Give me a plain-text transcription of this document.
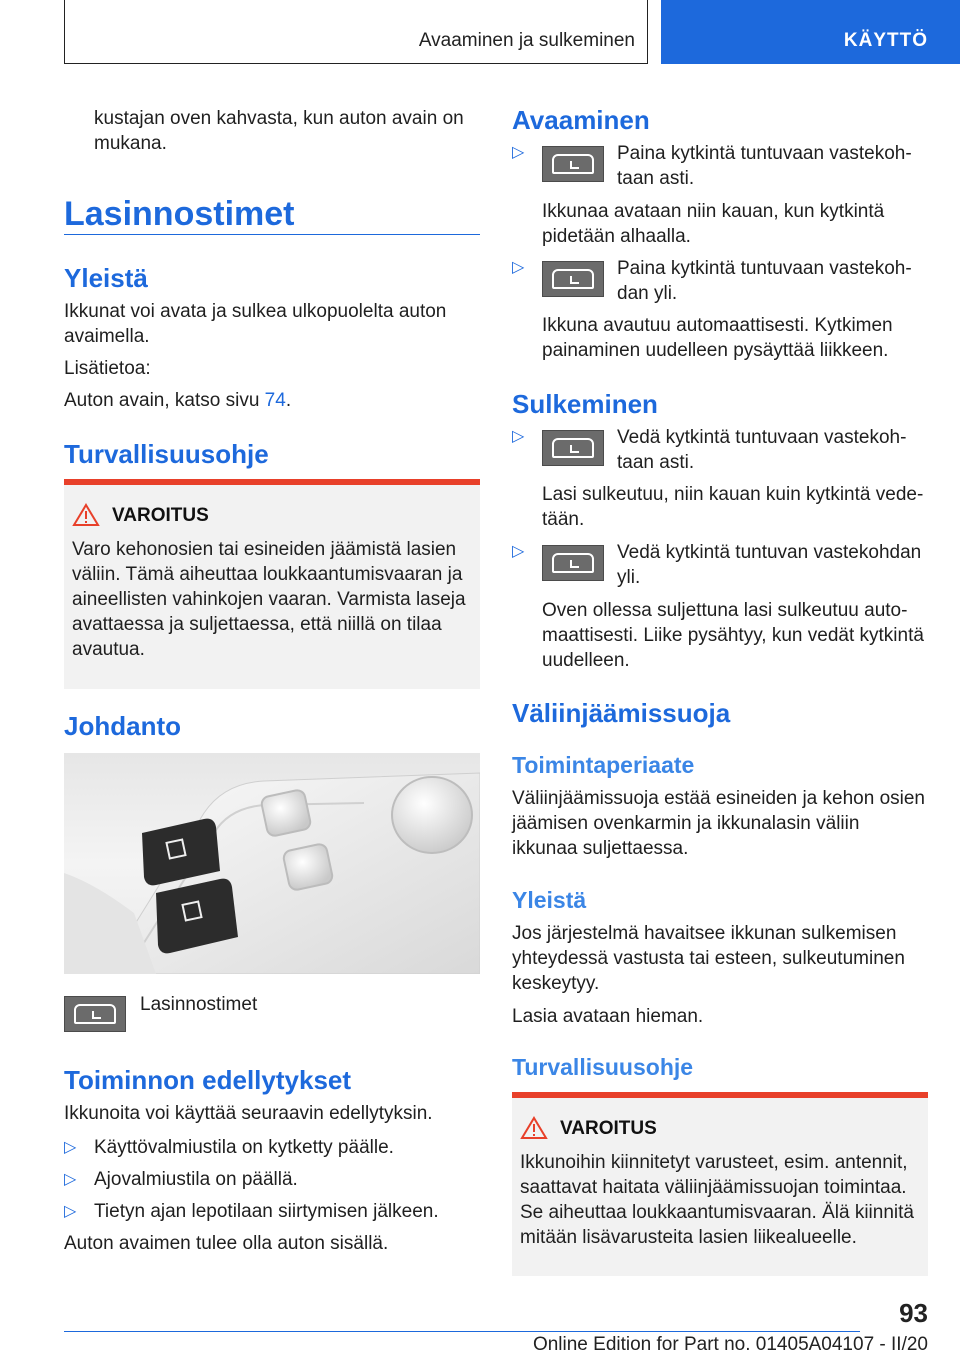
Avaaminen ja sulkeminen	KÄYTTÖ

kustajan oven kahvasta, kun auton avain on mukana.

Lasinnostimet
Yleistä

Ikkunat voi avata ja sulkea ulkopuolelta auton avaimella.

Lisätietoa:

Auton avain, katso sivu 74.

Turvallisuusohje
VAROITUS

Varo kehonosien tai esineiden jäämistä lasien väliin. Tämä aiheuttaa loukkaantumisvaaran ja aineellisten vahinkojen vaaran. Varmista laseja avattaessa ja suljettaessa, että niillä on tilaa avautua.

Johdanto

Lasinnostimet

Toiminnon edellytykset

Ikkunoita voi käyttää seuraavin edellytyksin.

▷ Käyttövalmiustila on kytketty päälle.

▷ Ajovalmiustila on päällä.

▷ Tietyn ajan lepotilaan siirtymisen jälkeen.

Auton avaimen tulee olla auton sisällä.

Avaaminen
▷	Paina kytkintä tuntuvaan vastekohtaan asti.

Ikkunaa avataan niin kauan, kun kytkintä pidetään alhaalla.

▷	Paina kytkintä tuntuvaan vastekohdan yli.

Ikkuna avautuu automaattisesti. Kytkimen painaminen uudelleen pysäyttää liikkeen.

Sulkeminen
▷	Vedä kytkintä tuntuvaan vastekohtaan asti.

Lasi sulkeutuu, niin kauan kuin kytkintä vedetään.

▷	Vedä kytkintä tuntuvan vastekohdan yli.

Oven ollessa suljettuna lasi sulkeutuu automaattisesti. Liike pysähtyy, kun vedät kytkintä uudelleen.

Väliinjäämissuoja
Toimintaperiaate

Väliinjäämissuoja estää esineiden ja kehon osien jäämisen ovenkarmin ja ikkunalasin väliin ikkunaa suljettaessa.

Yleistä

Jos järjestelmä havaitsee ikkunan sulkemisen yhteydessä vastusta tai esteen, sulkeutuminen keskeytyy.

Lasia avataan hieman.

Turvallisuusohje
VAROITUS

Ikkunoihin kiinnitetyt varusteet, esim. antennit, saattavat haitata väliinjäämissuojan toimintaa. Se aiheuttaa loukkaantumisvaaran. Älä kiinnitä mitään lisävarusteita lasien liikealueelle.

93
Online Edition for Part no. 01405A04107 - II/20
